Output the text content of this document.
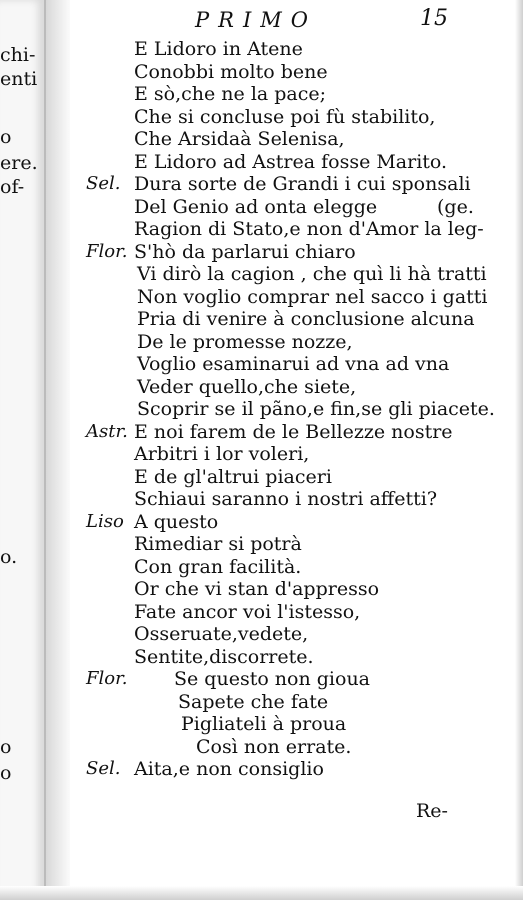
chi-
enti
o
ere.
of-
o.
o
o
PRIMO	15
E Lidoro in Atene
Conobbi molto bene
E sò,che ne la pace;
Che si concluse poi fù stabilito,
Che Arsidaà Selenisa,
E Lidoro ad Astrea fosse Marito.
Sel. Dura sorte de Grandi i cui sponsali
Del Genio ad onta elegge	(ge.
Ragion di Stato,e non d'Amor la leg-
Flor. S'hò da parlarui chiaro
Vi dirò la cagion , che quì li hà tratti
Non voglio comprar nel sacco i gatti
Pria di venire à conclusione alcuna
De le promesse nozze,
Voglio esaminarui ad vna ad vna
Veder quello,che siete,
Scoprir se il pãno,e fin,se gli piacete.
Astr. E noi farem de le Bellezze nostre
Arbitri i lor voleri,
E de gl'altrui piaceri
Schiaui saranno i nostri affetti?
Liso A questo
Rimediar si potrà
Con gran facilità.
Or che vi stan d'appresso
Fate ancor voi l'istesso,
Osseruate,vedete,
Sentite,discorrete.
Flor. Se questo non gioua
Sapete che fate
Pigliateli à proua
Così non errate.
Sel. Aita,e non consiglio
Re-
